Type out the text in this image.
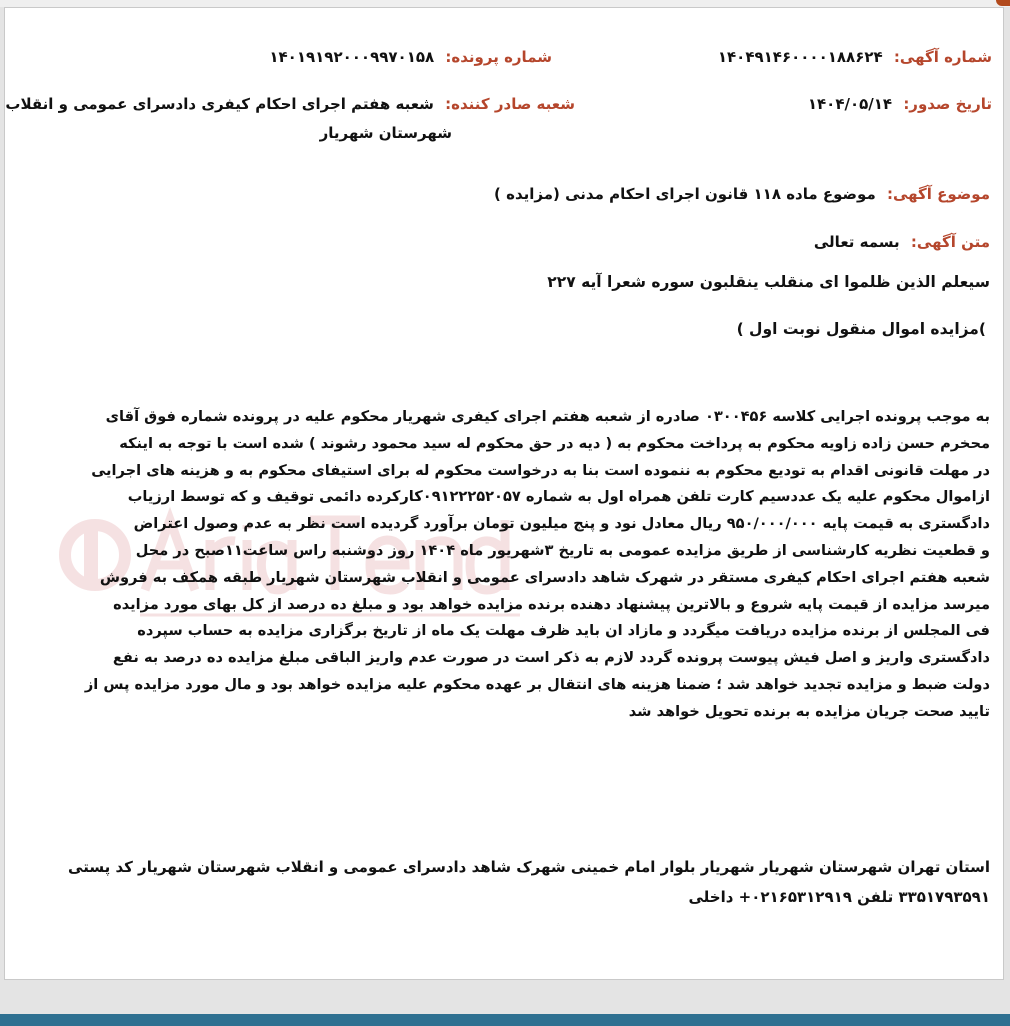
شماره آگهی: ۱۴۰۴۹۱۴۶۰۰۰۰۱۸۸۶۲۴
شماره پرونده: ۱۴۰۱۹۱۹۲۰۰۰۹۹۷۰۱۵۸
تاریخ صدور: ۱۴۰۴/۰۵/۱۴
شعبه صادر کننده: شعبه هفتم اجرای احکام کیفری دادسرای عمومی و انقلاب
شهرستان شهریار
موضوع آگهی: موضوع ماده ۱۱۸ قانون اجرای احکام مدنی (مزایده )
متن آگهی: بسمه تعالی
سیعلم الذین ظلموا ای منقلب ینقلبون سوره شعرا آیه ۲۲۷
)مزایده اموال منقول نوبت اول )
به موجب پرونده اجرایی کلاسه ۰۳۰۰۴۵۶ صادره از شعبه هفتم اجرای کیفری شهریار محکوم علیه در پرونده شماره فوق آقای
محخرم حسن زاده زاویه محکوم به پرداخت محکوم به ( دیه در حق محکوم له سید محمود رشوند ) شده است با توجه به اینکه
در مهلت قانونی اقدام به تودیع محکوم به ننموده است بنا به درخواست محکوم له برای استیفای محکوم به و هزینه های اجرایی
ازاموال محکوم علیه یک عددسیم کارت تلفن همراه اول به شماره ۰۹۱۲۲۲۵۲۰۵۷کارکرده دائمی توقیف و که توسط ارزیاب
دادگستری به قیمت پایه ۹۵۰/۰۰۰/۰۰۰ ریال معادل نود و پنج میلیون تومان برآورد گردیده است نظر به عدم وصول اعتراض
و قطعیت نظریه کارشناسی از طریق مزایده عمومی به تاریخ ۳شهریور ماه ۱۴۰۴ روز دوشنبه راس ساعت۱۱صبح در محل
شعبه هفتم اجرای احکام کیفری مستقر در شهرک شاهد دادسرای عمومی و انقلاب شهرستان شهریار طبقه همکف به فروش
میرسد مزایده از قیمت پایه شروع و بالاترین پیشنهاد دهنده برنده مزایده خواهد بود و مبلغ ده درصد از کل بهای مورد مزایده
فی المجلس از برنده مزایده دریافت میگردد و مازاد ان باید ظرف مهلت یک ماه از تاریخ برگزاری مزایده به حساب سپرده
دادگستری واریز و اصل فیش پیوست پرونده گردد لازم به ذکر است در صورت عدم واریز الباقی مبلغ مزایده ده درصد به نفع
دولت ضبط و مزایده تجدید خواهد شد ؛ ضمنا هزینه های انتقال بر عهده محکوم علیه مزایده خواهد بود و مال مورد مزایده پس از
تایید صحت جریان مزایده به برنده تحویل خواهد شد
استان تهران شهرستان شهریار شهریار بلوار امام خمینی شهرک شاهد دادسرای عمومی و انقلاب شهرستان شهریار کد پستی
۳۳۵۱۷۹۳۵۹۱ تلفن ۰۲۱۶۵۳۱۲۹۱۹+ داخلی
